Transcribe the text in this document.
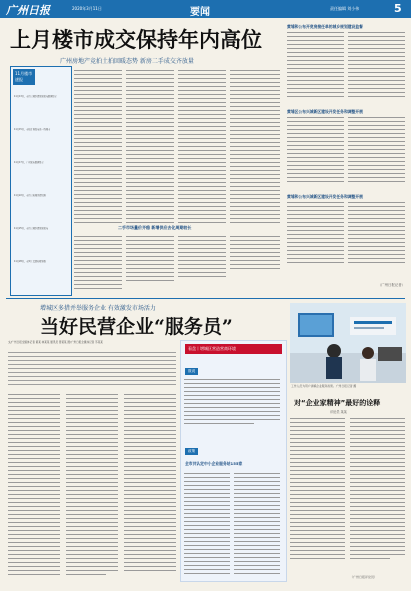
广州日报	2020年3月11日	要闻	责任编辑 刘小伟	5
上月楼市成交保持年内高位
广州房地产竞拍土拍回暖态势 新房二手成交齐放量
11月楼市速报
11月13日，市住房城乡建设局发布数据显示
11月15日，市统计局发布新一线城市
11月17日，广州发布数据显示
11月22日，市住房和城乡建设局
11月25日，市住房城乡建设局发布
11月28日，市国土资源和规划委
二手市场量价齐稳 新增供应去化周期较长
黄埔和公布开竞房接任单的城乡规划建设监督
黄埔区公布兴城新区建设开发任务和调整开展
黄埔和公布兴城新区建设开发任务和调整开展
（广州日报记者）
增城区多措并举服务企业 有效激发市场活力
当好民营企业“服务员”
文/广州日报全媒体记者 黄某 林某某 通讯员 曾某某 图/广州日报全媒体记者 苏某某
看盘丨增城区营造营商环境
数说
政策
全市共认定中小企业服务站155家
工作人员为用户讲解企业服务政策。广州日报记者 摄
对“企业家精神”最好的诠释
评论员 某某
（广州日报评论员）
